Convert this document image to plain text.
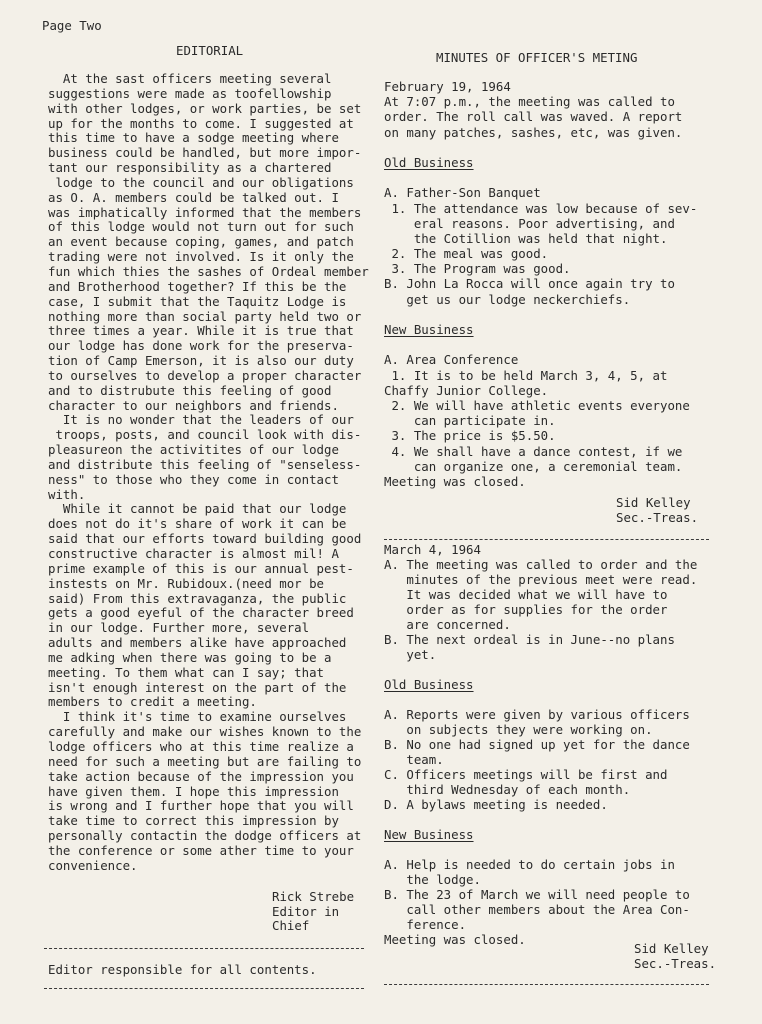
Page Two
EDITORIAL	MINUTES OF OFFICER'S METING
At the sast officers meeting several
suggestions were made as toofellowship
with other lodges, or work parties, be set
up for the months to come. I suggested at
this time to have a sodge meeting where
business could be handled, but more impor-
tant our responsibility as a chartered
lodge to the council and our obligations
as O. A. members could be talked out. I
was imphatically informed that the members
of this lodge would not turn out for such
an event because coping, games, and patch
trading were not involved. Is it only the
fun which thies the sashes of Ordeal member
and Brotherhood together? If this be the
case, I submit that the Taquitz Lodge is
nothing more than social party held two or
three times a year. While it is true that
our lodge has done work for the preserva-
tion of Camp Emerson, it is also our duty
to ourselves to develop a proper character
and to distrubute this feeling of good
character to our neighbors and friends.
It is no wonder that the leaders of our
troops, posts, and council look with dis-
pleasureon the activitites of our lodge
and distribute this feeling of "senseless-
ness" to those who they come in contact
with.
While it cannot be paid that our lodge
does not do it's share of work it can be
said that our efforts toward building good
constructive character is almost mil! A
prime example of this is our annual pest-
instests on Mr. Rubidoux.(need mor be
said) From this extravaganza, the public
gets a good eyeful of the character breed
in our lodge. Further more, several
adults and members alike have approached
me adking when there was going to be a
meeting. To them what can I say; that
isn't enough interest on the part of the
members to credit a meeting.
I think it's time to examine ourselves
carefully and make our wishes known to the
lodge officers who at this time realize a
need for such a meeting but are failing to
take action because of the impression you
have given them. I hope this impression
is wrong and I further hope that you will
take time to correct this impression by
personally contactin the dodge officers at
the conference or some ather time to your
convenience.
Rick Strebe
Editor in
Chief
Editor responsible for all contents.
February 19, 1964
At 7:07 p.m., the meeting was called to
order. The roll call was waved. A report
on many patches, sashes, etc, was given.
Old Business
A. Father-Son Banquet
1. The attendance was low because of sev-
eral reasons. Poor advertising, and
the Cotillion was held that night.
2. The meal was good.
3. The Program was good.
B. John La Rocca will once again try to
get us our lodge neckerchiefs.
New Business
A. Area Conference
1. It is to be held March 3, 4, 5, at
Chaffy Junior College.
2. We will have athletic events everyone
can participate in.
3. The price is $5.50.
4. We shall have a dance contest, if we
can organize one, a ceremonial team.
Meeting was closed.
Sid Kelley
Sec.-Treas.
March 4, 1964
A. The meeting was called to order and the
minutes of the previous meet were read.
It was decided what we will have to
order as for supplies for the order
are concerned.
B. The next ordeal is in June--no plans
yet.
Old Business
A. Reports were given by various officers
on subjects they were working on.
B. No one had signed up yet for the dance
team.
C. Officers meetings will be first and
third Wednesday of each month.
D. A bylaws meeting is needed.
New Business
A. Help is needed to do certain jobs in
the lodge.
B. The 23 of March we will need people to
call other members about the Area Con-
ference.
Meeting was closed.
Sid Kelley
Sec.-Treas.
